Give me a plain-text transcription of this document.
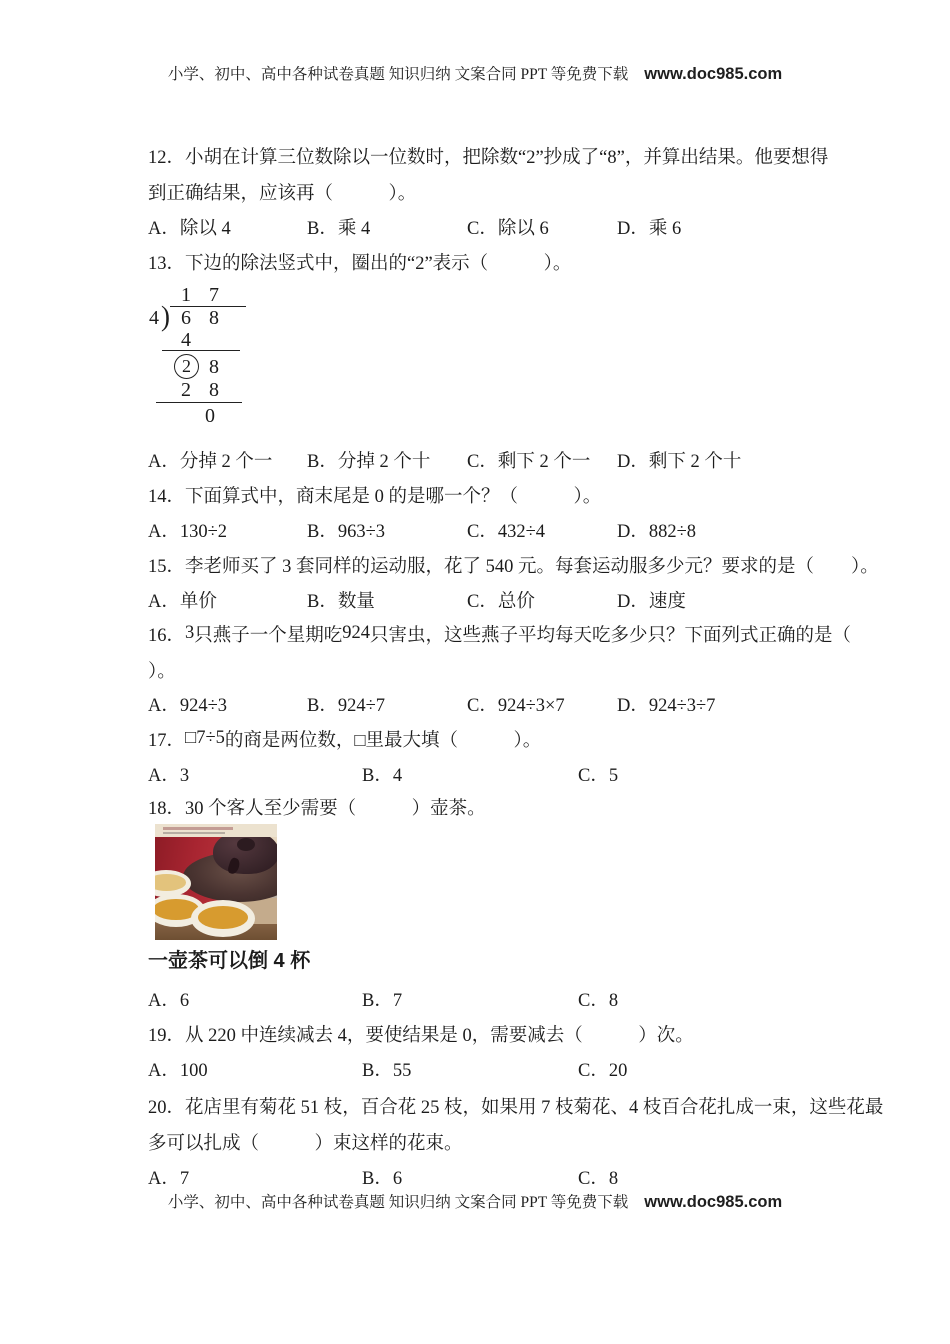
小学、初中、高中各种试卷真题 知识归纳 文案合同 PPT 等免费下载 www.doc985.com
12．小胡在计算三位数除以一位数时，把除数“2”抄成了“8”，并算出结果。他要想得
到正确结果，应该再（　　　）。
A．除以 4	B．乘 4	C．除以 6	D．乘 6
13．下边的除法竖式中，圈出的“2”表示（　　　）。
1 7
4 ) 6 8
4
2 8
2 8
0
A．分掉 2 个一 B．分掉 2 个十 C．剩下 2 个一 D．剩下 2 个十
14．下面算式中，商末尾是 0 的是哪一个？（　　　）。
A．130÷2	B．963÷3	C．432÷4	D．882÷8
15．李老师买了 3 套同样的运动服，花了 540 元。每套运动服多少元？要求的是（　　）。
A．单价	B．数量	C．总价	D．速度
16．3只燕子一个星期吃924只害虫，这些燕子平均每天吃多少只？下面列式正确的是（
）。
A．924÷3	B．924÷7	C．924÷3×7	D．924÷3÷7
17．□7÷5的商是两位数，□里最大填（　　　）。
A．3	B．4	C．5
18．30 个客人至少需要（　　　）壶茶。
一壶茶可以倒 4 杯
A．6	B．7	C．8
19．从 220 中连续减去 4，要使结果是 0，需要减去（　　　）次。
A．100	B．55	C．20
20．花店里有菊花 51 枝，百合花 25 枝，如果用 7 枝菊花、4 枝百合花扎成一束，这些花最
多可以扎成（　　　）束这样的花束。
A．7	B．6	C．8
小学、初中、高中各种试卷真题 知识归纳 文案合同 PPT 等免费下载 www.doc985.com
